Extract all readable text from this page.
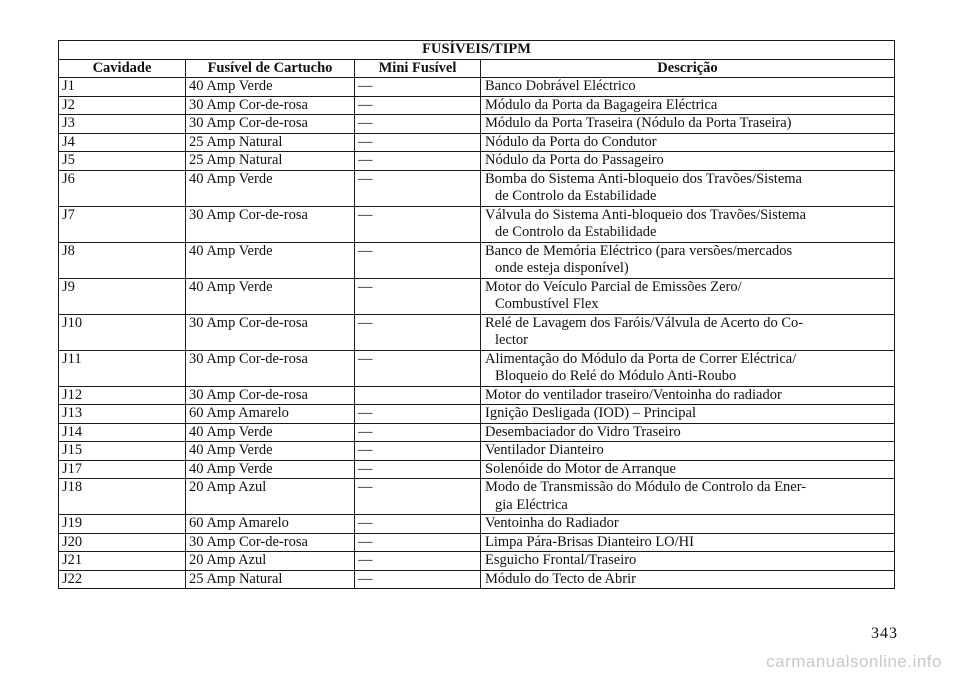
FUSÍVEIS/TIPM			
Cavidade	Fusível de Cartucho	Mini Fusível	Descrição
J1	40 Amp Verde	—	Banco Dobrável Eléctrico

J2	30 Amp Cor-de-rosa	—	Módulo da Porta da Bagageira Eléctrica

J3	30 Amp Cor-de-rosa	—	Módulo da Porta Traseira (Nódulo da Porta Traseira)

J4	25 Amp Natural	—	Nódulo da Porta do Condutor

J5	25 Amp Natural	—	Nódulo da Porta do Passageiro

J6	40 Amp Verde	—	Bomba do Sistema Anti-bloqueio dos Travões/Sistema
de Controlo da Estabilidade

J7	30 Amp Cor-de-rosa	—	Válvula do Sistema Anti-bloqueio dos Travões/Sistema
de Controlo da Estabilidade

J8	40 Amp Verde	—	Banco de Memória Eléctrico (para versões/mercados
onde esteja disponível)

J9	40 Amp Verde	—	Motor do Veículo Parcial de Emissões Zero/
Combustível Flex

J10	30 Amp Cor-de-rosa	—	Relé de Lavagem dos Faróis/Válvula de Acerto do Co-
lector

J11	30 Amp Cor-de-rosa	—	Alimentação do Módulo da Porta de Correr Eléctrica/
Bloqueio do Relé do Módulo Anti-Roubo

J12	30 Amp Cor-de-rosa		Motor do ventilador traseiro/Ventoinha do radiador

J13	60 Amp Amarelo	—	Ignição Desligada (IOD) – Principal

J14	40 Amp Verde	—	Desembaciador do Vidro Traseiro

J15	40 Amp Verde	—	Ventilador Dianteiro

J17	40 Amp Verde	—	Solenóide do Motor de Arranque

J18	20 Amp Azul	—	Modo de Transmissão do Módulo de Controlo da Ener-
gia Eléctrica

J19	60 Amp Amarelo	—	Ventoinha do Radiador

J20	30 Amp Cor-de-rosa	—	Limpa Pára-Brisas Dianteiro LO/HI

J21	20 Amp Azul	—	Esguicho Frontal/Traseiro

J22	25 Amp Natural	—	Módulo do Tecto de Abrir
343
carmanualsonline.info
